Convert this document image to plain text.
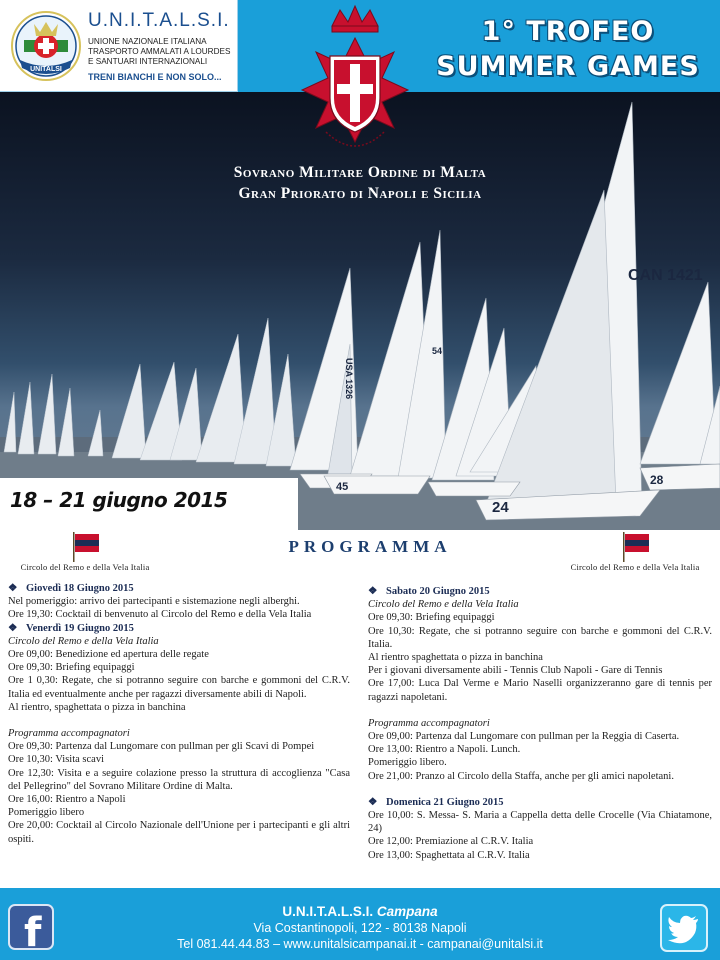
UNITALSI
U.N.I.T.A.L.S.I.
UNIONE NAZIONALE ITALIANA
TRASPORTO AMMALATI A LOURDES
E SANTUARI INTERNAZIONALI
TRENI BIANCHI E NON SOLO...
1° TROFEO
SUMMER GAMES
CAN 1421
USA 1326
54
45
24
28
Sovrano Militare Ordine di Malta
Gran Priorato di Napoli e Sicilia
18 – 21 giugno 2015
Circolo del Remo e della Vela Italia
PROGRAMMA
Circolo del Remo e della Vela Italia
❖ Giovedì 18 Giugno 2015
Nel pomeriggio: arrivo dei partecipanti e sistemazione negli alberghi.
Ore 19,30: Cocktail di benvenuto al Circolo del Remo e della Vela Italia
❖ Venerdì 19 Giugno 2015
Circolo del Remo e della Vela Italia
Ore 09,00: Benedizione ed apertura delle regate
Ore 09,30: Briefing equipaggi
Ore 1 0,30: Regate, che si potranno seguire con barche e gommoni del C.R.V. Italia ed eventualmente anche per ragazzi diversamente abili di Napoli.
Al rientro, spaghettata o pizza in banchina
Programma accompagnatori
Ore 09,30: Partenza dal Lungomare con pullman per gli Scavi di Pompei
Ore 10,30: Visita scavi
Ore 12,30: Visita e a seguire colazione presso la struttura di accoglienza "Casa del Pellegrino" del Sovrano Militare Ordine di Malta.
Ore 16,00: Rientro a Napoli
Pomeriggio libero
Ore 20,00: Cocktail al Circolo Nazionale dell'Unione per i partecipanti e gli altri ospiti.
❖ Sabato 20 Giugno 2015
Circolo del Remo e della Vela Italia
Ore 09,30: Briefing equipaggi
Ore 10,30: Regate, che si potranno seguire con barche e gommoni del C.R.V. Italia.
Al rientro spaghettata o pizza in banchina
Per i giovani diversamente abili - Tennis Club Napoli - Gare di Tennis
Ore 17,00: Luca Dal Verme e Mario Naselli organizzeranno gare di tennis per ragazzi napoletani.
Programma accompagnatori
Ore 09,00: Partenza dal Lungomare con pullman per la Reggia di Caserta.
Ore 13,00: Rientro a Napoli. Lunch.
Pomeriggio libero.
Ore 21,00: Pranzo al Circolo della Staffa, anche per gli amici napoletani.
❖ Domenica 21 Giugno 2015
Ore 10,00: S. Messa- S. Maria a Cappella detta delle Crocelle (Via Chiatamone, 24)
Ore 12,00: Premiazione al C.R.V. Italia
Ore 13,00: Spaghettata al C.R.V. Italia
f	U.N.I.T.A.L.S.I. Campana
Via Costantinopoli, 122 - 80138 Napoli
Tel 081.44.44.83 – www.unitalsicampanai.it - campanai@unitalsi.it
